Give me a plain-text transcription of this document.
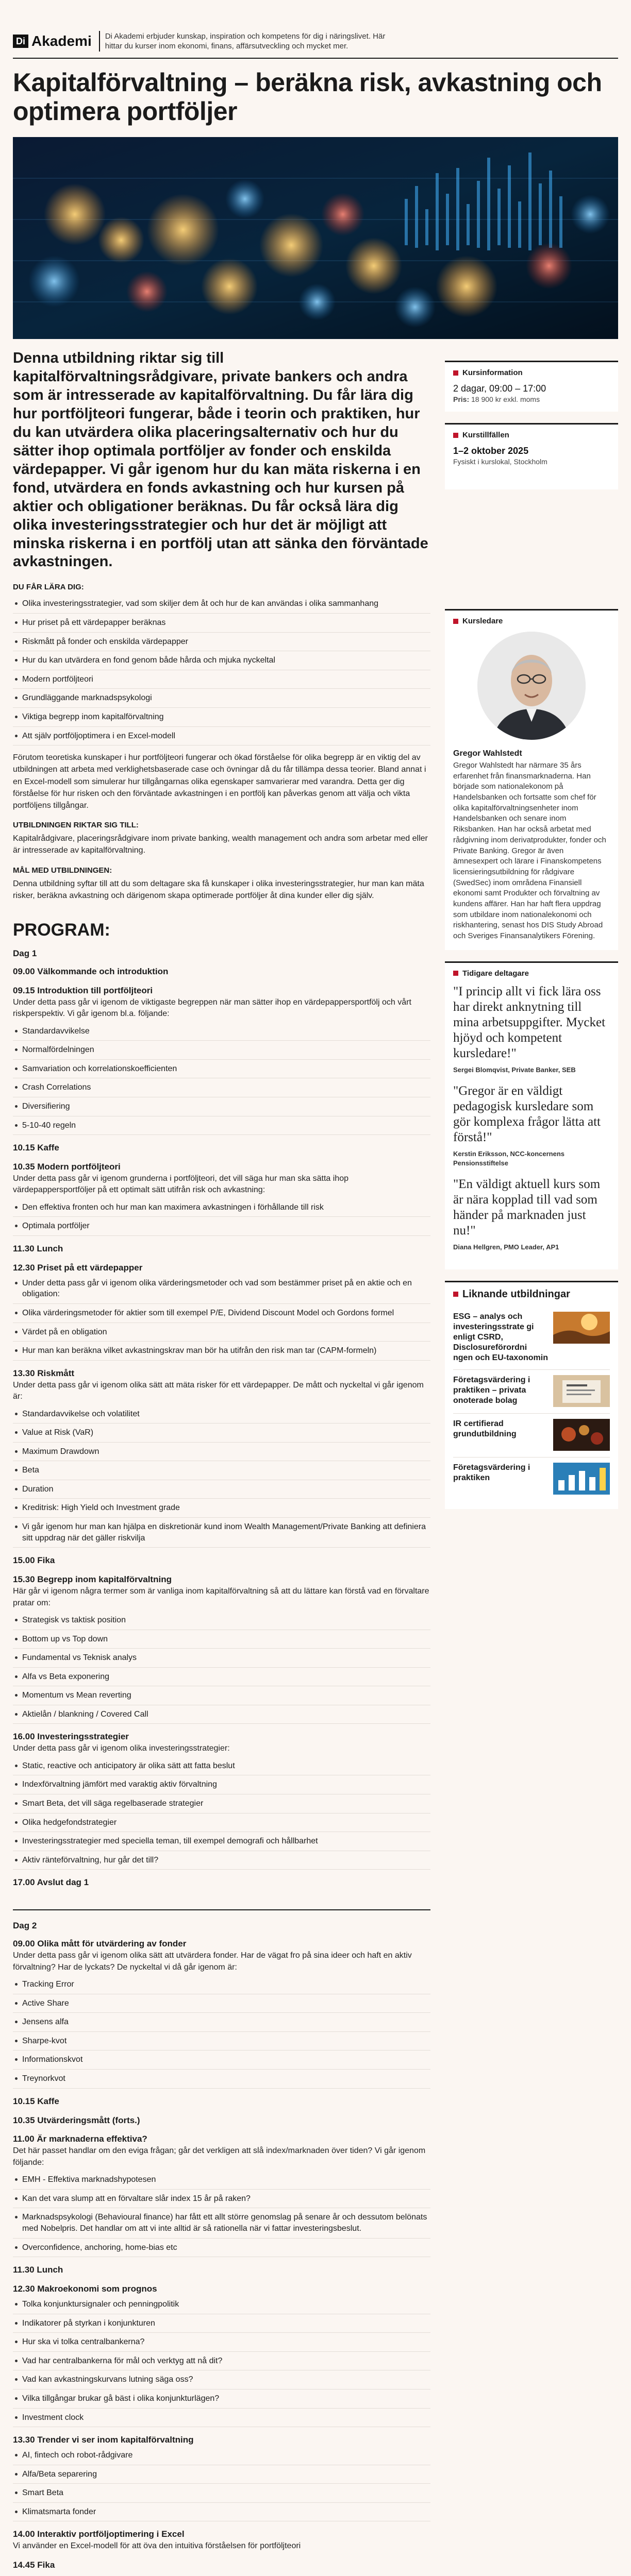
Di Akademi Di Akademi erbjuder kunskap, inspiration och kompetens för dig i näringslivet. Här hittar du kurser inom ekonomi, finans, affärsutveckling och mycket mer.

Kapitalförvaltning – beräkna risk, avkastning och optimera portföljer

Denna utbildning riktar sig till kapitalförvaltningsrådgivare, private bankers och andra som är intresserade av kapitalförvaltning. Du får lära dig hur portföljteori fungerar, både i teorin och praktiken, hur du kan utvärdera olika placeringsalternativ och hur du sätter ihop optimala portföljer av fonder och enskilda värdepapper. Vi går igenom hur du kan mäta riskerna i en fond, utvärdera en fonds avkastning och hur kursen på aktier och obligationer beräknas. Du får också lära dig olika investeringsstrategier och hur det är möjligt att minska riskerna i en portfölj utan att sänka den förväntade avkastningen.

DU FÅR LÄRA DIG:
Olika investeringsstrategier, vad som skiljer dem åt och hur de kan användas i olika sammanhang
Hur priset på ett värdepapper beräknas
Riskmått på fonder och enskilda värdepapper
Hur du kan utvärdera en fond genom både hårda och mjuka nyckeltal
Modern portföljteori
Grundläggande marknadspsykologi
Viktiga begrepp inom kapitalförvaltning
Att själv portföljoptimera i en Excel-modell

Förutom teoretiska kunskaper i hur portföljteori fungerar och ökad förståelse för olika begrepp är en viktig del av utbildningen att arbeta med verklighetsbaserade case och övningar då du får tillämpa dessa teorier. Bland annat i en Excel-modell som simulerar hur tillgångarnas olika egenskaper samvarierar med varandra. Detta ger dig förståelse för hur risken och den förväntade avkastningen i en portfölj kan påverkas genom att välja och vikta portföljens tillgångar.

UTBILDNINGEN RIKTAR SIG TILL:

Kapitalrådgivare, placeringsrådgivare inom private banking, wealth management och andra som arbetar med eller är intresserade av kapitalförvaltning.

MÅL MED UTBILDNINGEN:

Denna utbildning syftar till att du som deltagare ska få kunskaper i olika investeringsstrategier, hur man kan mäta risker, beräkna avkastning och därigenom skapa optimerade portföljer åt dina kunder eller dig själv.

PROGRAM:
Dag 1
09.00 Välkommande och introduktion
09.15 Introduktion till portföljteori
Under detta pass går vi igenom de viktigaste begreppen när man sätter ihop en värdepappersportfölj och vårt riskperspektiv. Vi går igenom bl.a. följande:
Standardavvikelse
Normalfördelningen
Samvariation och korrelationskoefficienten
Crash Correlations
Diversifiering
5-10-40 regeln
10.15 Kaffe
10.35 Modern portföljteori
Under detta pass går vi igenom grunderna i portföljteori, det vill säga hur man ska sätta ihop värdepappersportföljer på ett optimalt sätt utifrån risk och avkastning:
Den effektiva fronten och hur man kan maximera avkastningen i förhållande till risk
Optimala portföljer
11.30 Lunch
12.30 Priset på ett värdepapper
Under detta pass går vi igenom olika värderingsmetoder och vad som bestämmer priset på en aktie och en obligation:
Olika värderingsmetoder för aktier som till exempel P/E, Dividend Discount Model och Gordons formel
Värdet på en obligation
Hur man kan beräkna vilket avkastningskrav man bör ha utifrån den risk man tar (CAPM-formeln)
13.30 Riskmått
Under detta pass går vi igenom olika sätt att mäta risker för ett värdepapper. De mått och nyckeltal vi går igenom är:
Standardavvikelse och volatilitet
Value at Risk (VaR)
Maximum Drawdown
Beta
Duration
Kreditrisk: High Yield och Investment grade
Vi går igenom hur man kan hjälpa en diskretionär kund inom Wealth Management/Private Banking att definiera sitt uppdrag när det gäller riskvilja
15.00 Fika
15.30 Begrepp inom kapitalförvaltning
Här går vi igenom några termer som är vanliga inom kapitalförvaltning så att du lättare kan förstå vad en förvaltare pratar om:
Strategisk vs taktisk position
Bottom up vs Top down
Fundamental vs Teknisk analys
Alfa vs Beta exponering
Momentum vs Mean reverting
Aktielån / blankning / Covered Call
16.00 Investeringsstrategier
Under detta pass går vi igenom olika investeringsstrategier:
Static, reactive och anticipatory är olika sätt att fatta beslut
Indexförvaltning jämfört med varaktig aktiv förvaltning
Smart Beta, det vill säga regelbaserade strategier
Olika hedgefondstrategier
Investeringsstrategier med speciella teman, till exempel demografi och hållbarhet
Aktiv räntеförvaltning, hur går det till?
17.00 Avslut dag 1
Dag 2
09.00 Olika mått för utvärdering av fonder
Under detta pass går vi igenom olika sätt att utvärdera fonder. Har de vägat fro på sina ideer och haft en aktiv förvaltning? Har de lyckats? De nyckeltal vi då går igenom är:
Tracking Error
Active Share
Jensens alfa
Sharpe-kvot
Informationskvot
Treynorkvot
10.15 Kaffe
10.35 Utvärderingsmått (forts.)
11.00 Är marknaderna effektiva?
Det här passet handlar om den eviga frågan; går det verkligen att slå index/marknaden över tiden? Vi går igenom följande:
EMH - Effektiva marknadshypotesen
Kan det vara slump att en förvaltare slår index 15 år på raken?
Marknadspsykologi (Behavioural finance) har fått ett allt större genomslag på senare år och dessutom belönats med Nobelpris. Det handlar om att vi inte alltid är så rationella när vi fattar investeringsbeslut.
Overconfidence, anchoring, home-bias etc
11.30 Lunch
12.30 Makroekonomi som prognos
Tolka konjunktursignaler och penningpolitik
Indikatorer på styrkan i konjunkturen
Hur ska vi tolka centralbankerna?
Vad har centralbankerna för mål och verktyg att nå dit?
Vad kan avkastningskurvans lutning säga oss?
Vilka tillgångar brukar gå bäst i olika konjunkturlägen?
Investment clock
13.30 Trender vi ser inom kapitalförvaltning
AI, fintech och robot-rådgivare
Alfa/Beta separering
Smart Beta
Klimatsmarta fonder
14.00 Interaktiv portföljoptimering i Excel
Vi använder en Excel-modell för att öva den intuitiva förståelsen för portföljteori
14.45 Fika
Kursinformation
2 dagar, 09:00 – 17:00
Pris: 18 900 kr exkl. moms
Kurstillfällen
1–2 oktober 2025
Fysiskt i kurslokal, Stockholm
Kursledare
Gregor Wahlstedt

Gregor Wahlstedt har närmare 35 års erfarenhet från finansmarknaderna. Han började som nationalekonom på Handelsbanken och fortsatte som chef för olika kapitalförvaltningsenheter inom Handelsbanken och senare inom Riksbanken. Han har också arbetat med rådgivning inom derivatprodukter, fonder och Private Banking. Gregor är även ämnesexpert och lärare i Finanskompetens licensieringsutbildning för rådgivare (SwedSec) inom områdena Finansiell ekonomi samt Produkter och förvaltning av kundens affärer. Han har haft flera uppdrag som utbildare inom nationalekonomi och riskhantering, senast hos DIS Study Abroad och Sveriges Finansanalytikers Förening.

Tidigare deltagare

"I princip allt vi fick lära oss har direkt anknytning till mina arbetsuppgifter. Mycket hjöyd och kompetent kursledare!"

Sergei Blomqvist, Private Banker, SEB

"Gregor är en väldigt pedagogisk kursledare som gör komplexa frågor lätta att förstå!"

Kerstin Eriksson, NCC-koncernens Pensionsstiftelse

"En väldigt aktuell kurs som är nära kopplad till vad som händer på marknaden just nu!"

Diana Hellgren, PMO Leader, AP1

Liknande utbildningar
ESG – analys och investeringsstrate gi enligt CSRD, Disclosureförordni ngen och EU-taxonomin
Företagsvärdering i praktiken – privata onoterade bolag
IR certifierad grundutbildning
Företagsvärdering i praktiken
